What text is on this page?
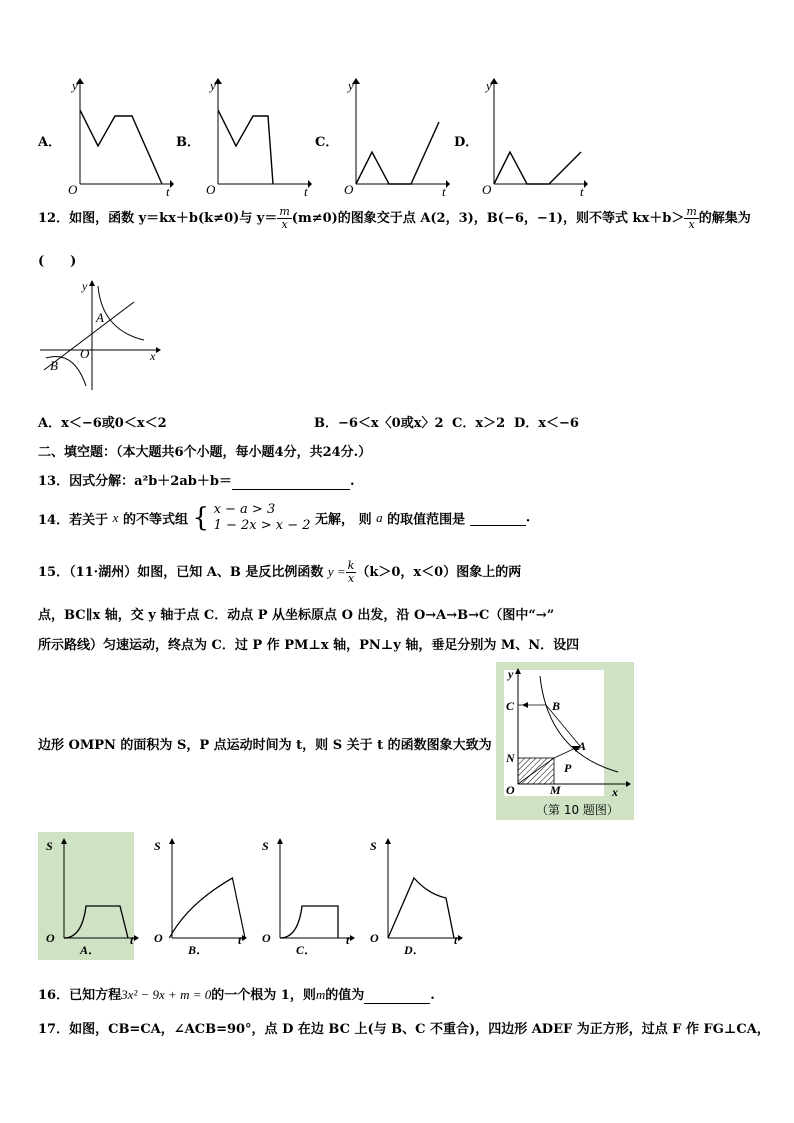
A．	B．	C．	D．
y
O	t
y
O	t
y
O	t
y
O	t
12．如图，函数 y＝kx＋b(k≠0)与 $y= \frac{m}{x} (m\ne 0)$的图象交于点 A(2，3)，B(−6，−1)，则不等式 $kx+b> \frac{m}{x}$ 的解集为
(　　)
y
x
O
A
B
A．x＜−6或0＜x＜2	B．−6＜x〈0或x〉2 C．x＞2 D．x＜−6
二、填空题：（本大题共6个小题，每小题4分，共24分.）
13．因式分解：a²b＋2ab＋b＝	.
14．若关于 x 的不等式组 { x − a > 3
1 − 2x > x − 2 无解， 则 a 的取值范围是	.
15．（11·湖州）如图，已知 A、B 是反比例函数 $y = \frac{k}{x} (k>0$，x＜0）图象上的两
点，BC∥x 轴，交 y 轴于点 C．动点 P 从坐标原点 O 出发，沿 O→A→B→C（图中“→”
所示路线）匀速运动，终点为 C．过 P 作 PM⊥x 轴，PN⊥y 轴，垂足分别为 M、N．设四
边形 OMPN 的面积为 S，P 点运动时间为 t，则 S 关于 t 的函数图象大致为
y
x
O
C	B
A
N
P
M
（第 10 题图）
S
O	t
A．
S
O	t
B．
S
O	t
C．
S
O	t
D．
16．已知方程3x² − 9x + m = 0的一个根为 1，则m的值为	.
17．如图，CB=CA，∠ACB=90°，点 D 在边 BC 上(与 B、C 不重合)，四边形 ADEF 为正方形，过点 F 作 FG⊥CA，
